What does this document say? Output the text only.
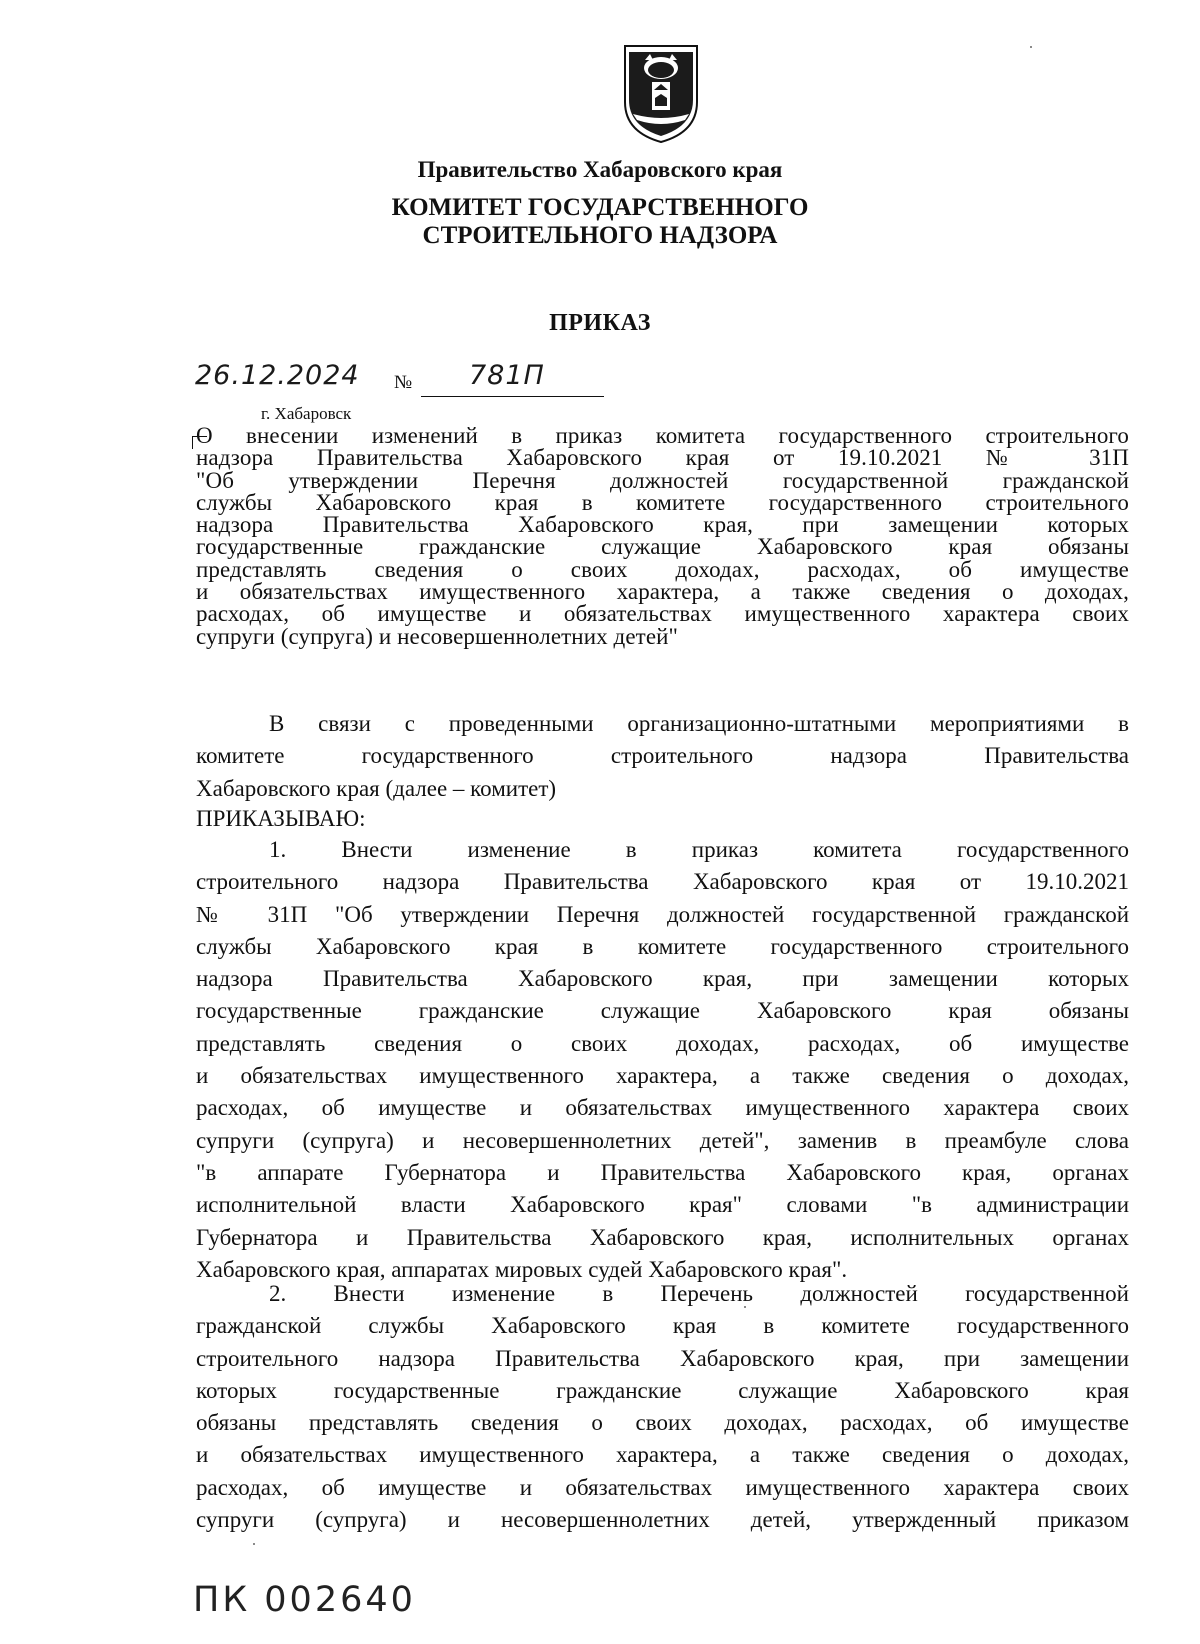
Правительство Хабаровского края
КОМИТЕТ ГОСУДАРСТВЕННОГО
СТРОИТЕЛЬНОГО НАДЗОРА
ПРИКАЗ
26.12.2024 № 781П
г. Хабаровск
О внесении изменений в приказ комитета государственного строительного
надзора Правительства Хабаровского края от 19.10.2021 № 31П
"Об утверждении Перечня должностей государственной гражданской
службы Хабаровского края в комитете государственного строительного
надзора Правительства Хабаровского края, при замещении которых
государственные гражданские служащие Хабаровского края обязаны
представлять сведения о своих доходах, расходах, об имуществе
и обязательствах имущественного характера, а также сведения о доходах,
расходах, об имуществе и обязательствах имущественного характера своих
супруги (супруга) и несовершеннолетних детей"
В связи с проведенными организационно-штатными мероприятиями в
комитете государственного строительного надзора Правительства
Хабаровского края (далее – комитет)
ПРИКАЗЫВАЮ:
1. Внести изменение в приказ комитета государственного
строительного надзора Правительства Хабаровского края от 19.10.2021
№ 31П "Об утверждении Перечня должностей государственной гражданской
службы Хабаровского края в комитете государственного строительного
надзора Правительства Хабаровского края, при замещении которых
государственные гражданские служащие Хабаровского края обязаны
представлять сведения о своих доходах, расходах, об имуществе
и обязательствах имущественного характера, а также сведения о доходах,
расходах, об имуществе и обязательствах имущественного характера своих
супруги (супруга) и несовершеннолетних детей", заменив в преамбуле слова
"в аппарате Губернатора и Правительства Хабаровского края, органах
исполнительной власти Хабаровского края" словами "в администрации
Губернатора и Правительства Хабаровского края, исполнительных органах
Хабаровского края, аппаратах мировых судей Хабаровского края".
2. Внести изменение в Перечень должностей государственной
гражданской службы Хабаровского края в комитете государственного
строительного надзора Правительства Хабаровского края, при замещении
которых государственные гражданские служащие Хабаровского края
обязаны представлять сведения о своих доходах, расходах, об имуществе
и обязательствах имущественного характера, а также сведения о доходах,
расходах, об имуществе и обязательствах имущественного характера своих
супруги (супруга) и несовершеннолетних детей, утвержденный приказом
ПК 002640
